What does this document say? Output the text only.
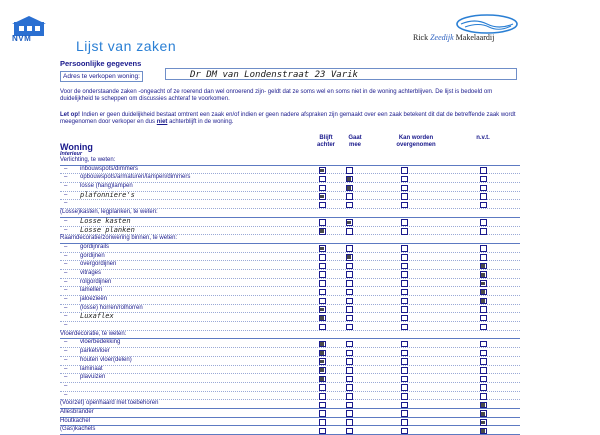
NVM	Rick Zeedijk Makelaardij
Lijst van zaken
Persoonlijke gegevens
Adres te verkopen woning:	Dr DM van Londenstraat 23 Varik
Voor de onderstaande zaken -ongeacht of ze roerend dan wel onroerend zijn- geldt dat ze soms wel en soms niet in de woning achterblijven. De lijst is bedoeld om duidelijkheid te scheppen om discussies achteraf te voorkomen.
Let op! Indien er geen duidelijkheid bestaat omtrent een zaak en/of indien er geen nadere afspraken zijn gemaakt over een zaak betekent dit dat de betreffende zaak wordt meegenomen door verkoper en dus niet achterblijft in de woning.
Blijft achter
Gaat mee
Kan worden overgenomen
n.v.t.
Woning
Interieur
Verlichting, te weten:
– inbouwspots/dimmers
– opbouwspots/armaturen/lampen/dimmers
– losse (hang)lampen
– plafonniere's
–
(Losse)kasten, legplanken, te weten:
– Losse kasten
– Losse planken
Raamdecoratie/zonwering binnen, te weten:
– gordijnrails
– gordijnen
– overgordijnen
– vitrages
– rolgordijnen
– lamellen
– jaloezieën
– (losse) horren/rolhorren
– Luxaflex
–
Vloerdecoratie, te weten:
– vloerbedekking
– parketvloer
– houten vloer(delen)
– laminaat
– plavuizen
–
–
(Voorzet) openhaard met toebehoren
Allesbrander
Houtkachel
(Gas)kachels
